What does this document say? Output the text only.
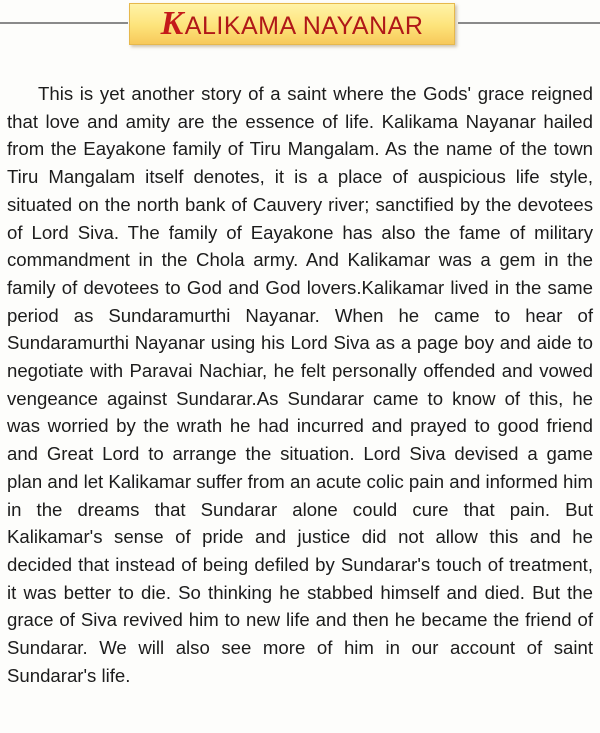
KALIKAMA NAYANAR

This is yet another story of a saint where the Gods' grace reigned that love and amity are the essence of life. Kalikama Nayanar hailed from the Eayakone family of Tiru Mangalam. As the name of the town Tiru Mangalam itself denotes, it is a place of auspicious life style, situated on the north bank of Cauvery river; sanctified by the devotees of Lord Siva. The family of Eayakone has also the fame of military commandment in the Chola army. And Kalikamar was a gem in the family of devotees to God and God lovers.Kalikamar lived in the same period as Sundaramurthi Nayanar. When he came to hear of Sundaramurthi Nayanar using his Lord Siva as a page boy and aide to negotiate with Paravai Nachiar, he felt personally offended and vowed vengeance against Sundarar.As Sundarar came to know of this, he was worried by the wrath he had incurred and prayed to good friend and Great Lord to arrange the situation. Lord Siva devised a game plan and let Kalikamar suffer from an acute colic pain and informed him in the dreams that Sundarar alone could cure that pain. But Kalikamar's sense of pride and justice did not allow this and he decided that instead of being defiled by Sundarar's touch of treatment, it was better to die. So thinking he stabbed himself and died. But the grace of Siva revived him to new life and then he became the friend of Sundarar. We will also see more of him in our account of saint Sundarar's life.
